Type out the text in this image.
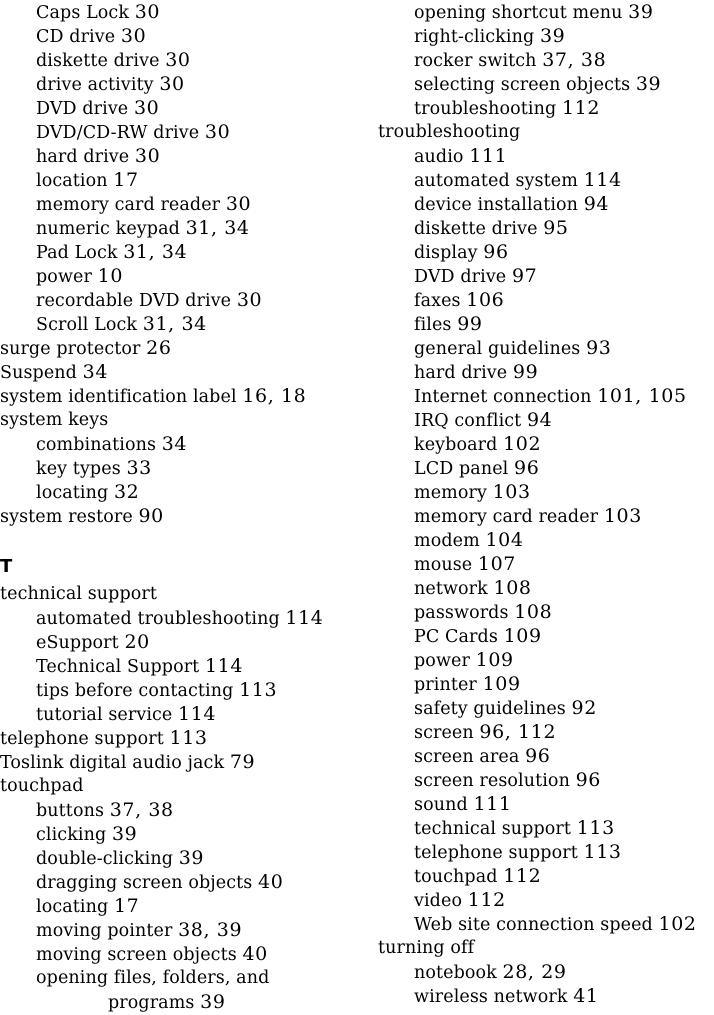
Caps Lock 30
CD drive 30
diskette drive 30
drive activity 30
DVD drive 30
DVD/CD-RW drive 30
hard drive 30
location 17
memory card reader 30
numeric keypad 31, 34
Pad Lock 31, 34
power 10
recordable DVD drive 30
Scroll Lock 31, 34
surge protector 26
Suspend 34
system identification label 16, 18
system keys
combinations 34
key types 33
locating 32
system restore 90
T
technical support
automated troubleshooting 114
eSupport 20
Technical Support 114
tips before contacting 113
tutorial service 114
telephone support 113
Toslink digital audio jack 79
touchpad
buttons 37, 38
clicking 39
double-clicking 39
dragging screen objects 40
locating 17
moving pointer 38, 39
moving screen objects 40
opening files, folders, and
programs 39
opening shortcut menu 39
right-clicking 39
rocker switch 37, 38
selecting screen objects 39
troubleshooting 112
troubleshooting
audio 111
automated system 114
device installation 94
diskette drive 95
display 96
DVD drive 97
faxes 106
files 99
general guidelines 93
hard drive 99
Internet connection 101, 105
IRQ conflict 94
keyboard 102
LCD panel 96
memory 103
memory card reader 103
modem 104
mouse 107
network 108
passwords 108
PC Cards 109
power 109
printer 109
safety guidelines 92
screen 96, 112
screen area 96
screen resolution 96
sound 111
technical support 113
telephone support 113
touchpad 112
video 112
Web site connection speed 102
turning off
notebook 28, 29
wireless network 41
